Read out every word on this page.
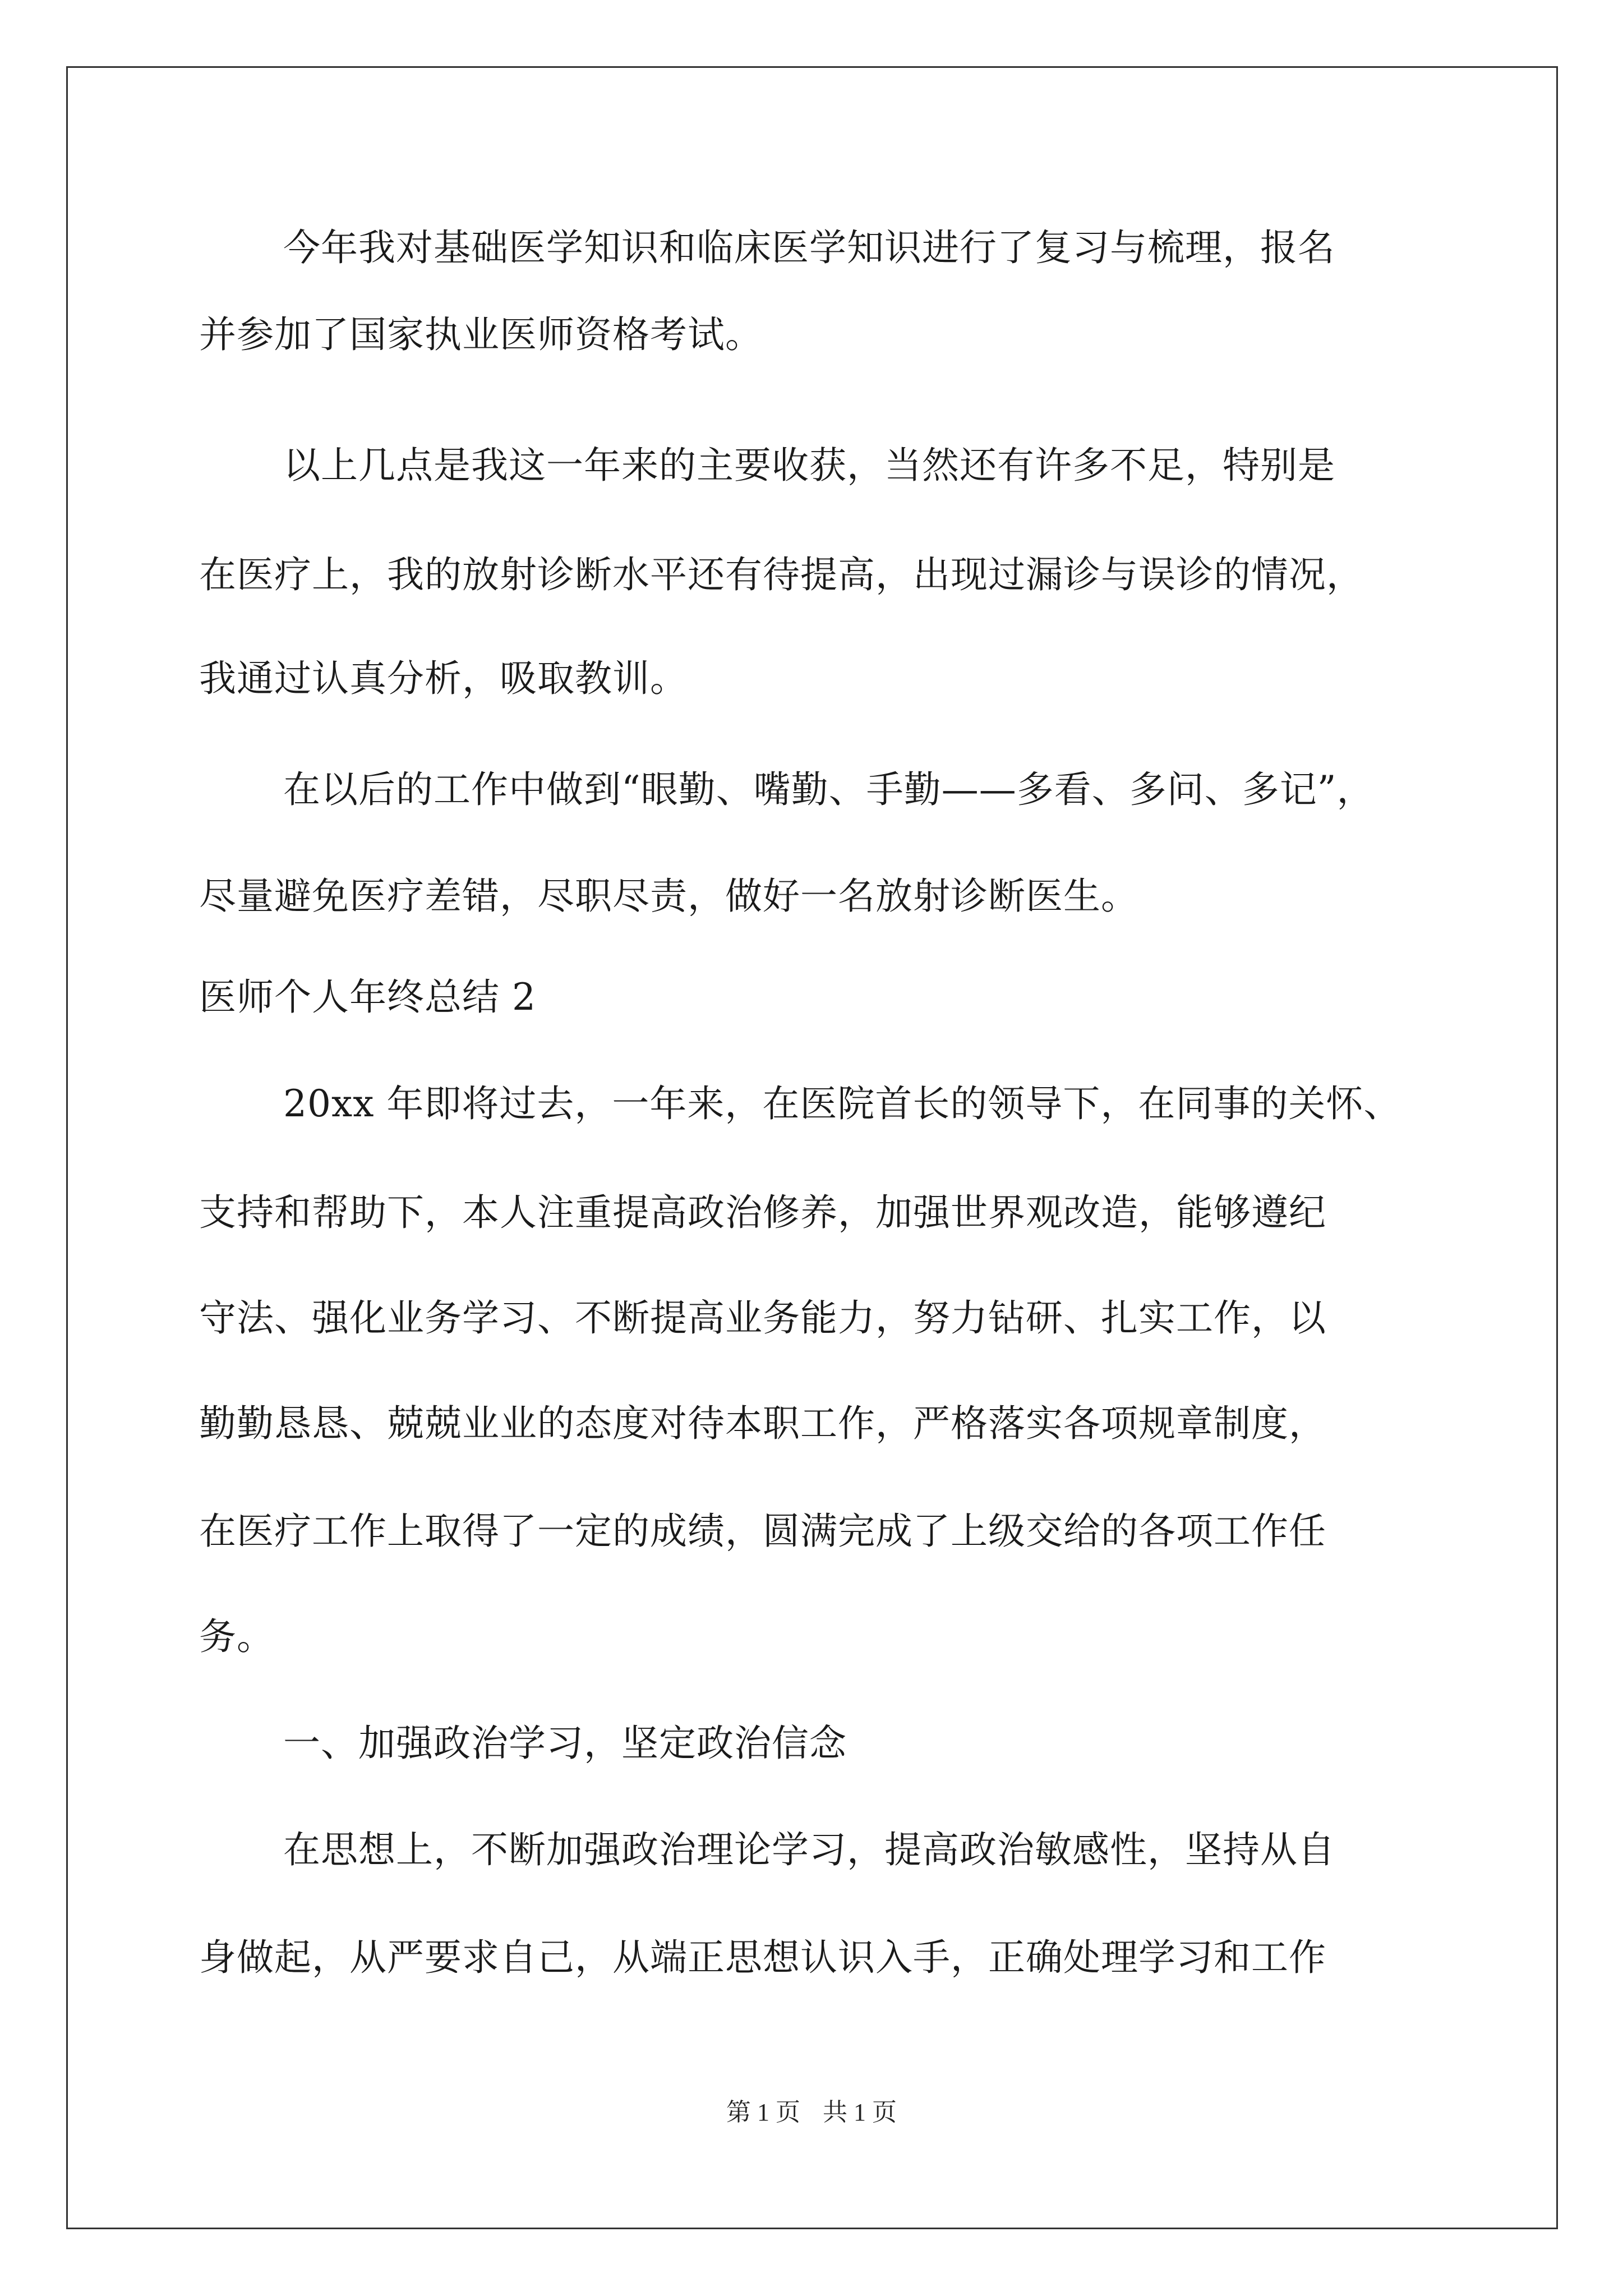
今年我对基础医学知识和临床医学知识进行了复习与梳理，报名
并参加了国家执业医师资格考试。
以上几点是我这一年来的主要收获，当然还有许多不足，特别是
在医疗上，我的放射诊断水平还有待提高，出现过漏诊与误诊的情况，
我通过认真分析，吸取教训。
在以后的工作中做到“眼勤、嘴勤、手勤——多看、多问、多记”，
尽量避免医疗差错，尽职尽责，做好一名放射诊断医生。
医师个人年终总结 2
20xx 年即将过去，一年来，在医院首长的领导下，在同事的关怀、
支持和帮助下，本人注重提高政治修养，加强世界观改造，能够遵纪
守法、强化业务学习、不断提高业务能力，努力钻研、扎实工作，以
勤勤恳恳、兢兢业业的态度对待本职工作，严格落实各项规章制度，
在医疗工作上取得了一定的成绩，圆满完成了上级交给的各项工作任
务。
一、加强政治学习，坚定政治信念
在思想上，不断加强政治理论学习，提高政治敏感性，坚持从自
身做起，从严要求自己，从端正思想认识入手，正确处理学习和工作
第 1 页 共 1 页
